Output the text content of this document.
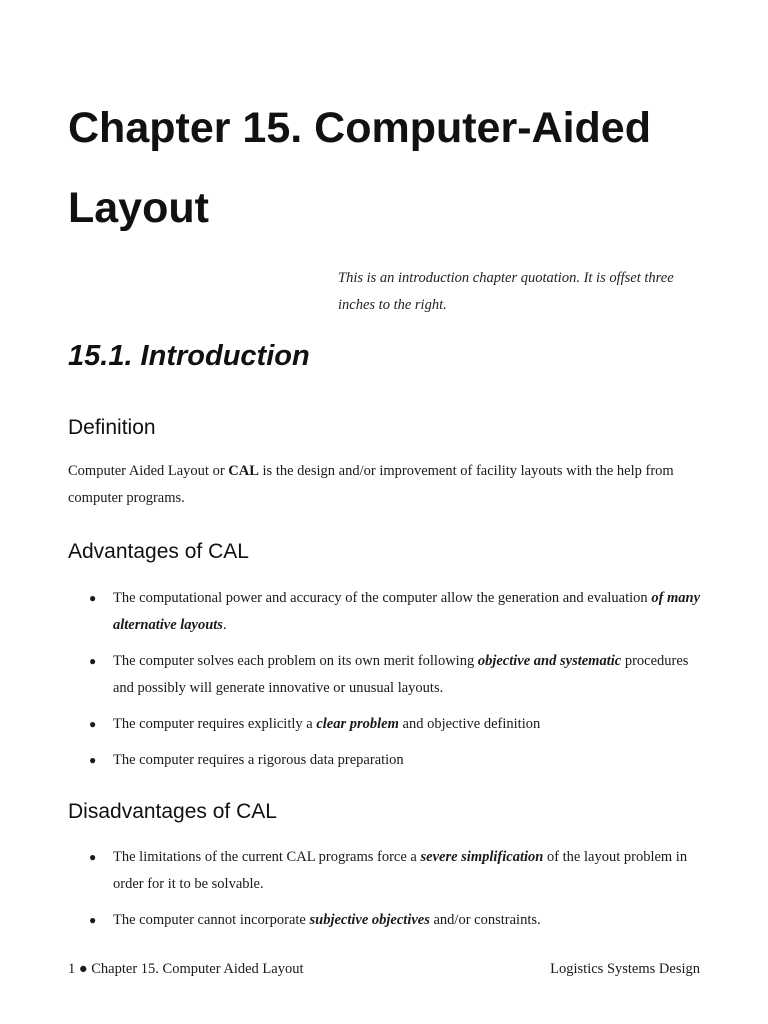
Chapter 15. Computer-Aided Layout

This is an introduction chapter quotation. It is offset three inches to the right.

15.1. Introduction
Definition

Computer Aided Layout or CAL is the design and/or improvement of facility layouts with the help from computer programs.

Advantages of CAL
● The computational power and accuracy of the computer allow the generation and evaluation of many alternative layouts.
● The computer solves each problem on its own merit following objective and systematic procedures and possibly will generate innovative or unusual layouts.
● The computer requires explicitly a clear problem and objective definition
● The computer requires a rigorous data preparation
Disadvantages of CAL
● The limitations of the current CAL programs force a severe simplification of the layout problem in order for it to be solvable.
● The computer cannot incorporate subjective objectives and/or constraints.
1 ● Chapter 15. Computer Aided Layout	Logistics Systems Design
